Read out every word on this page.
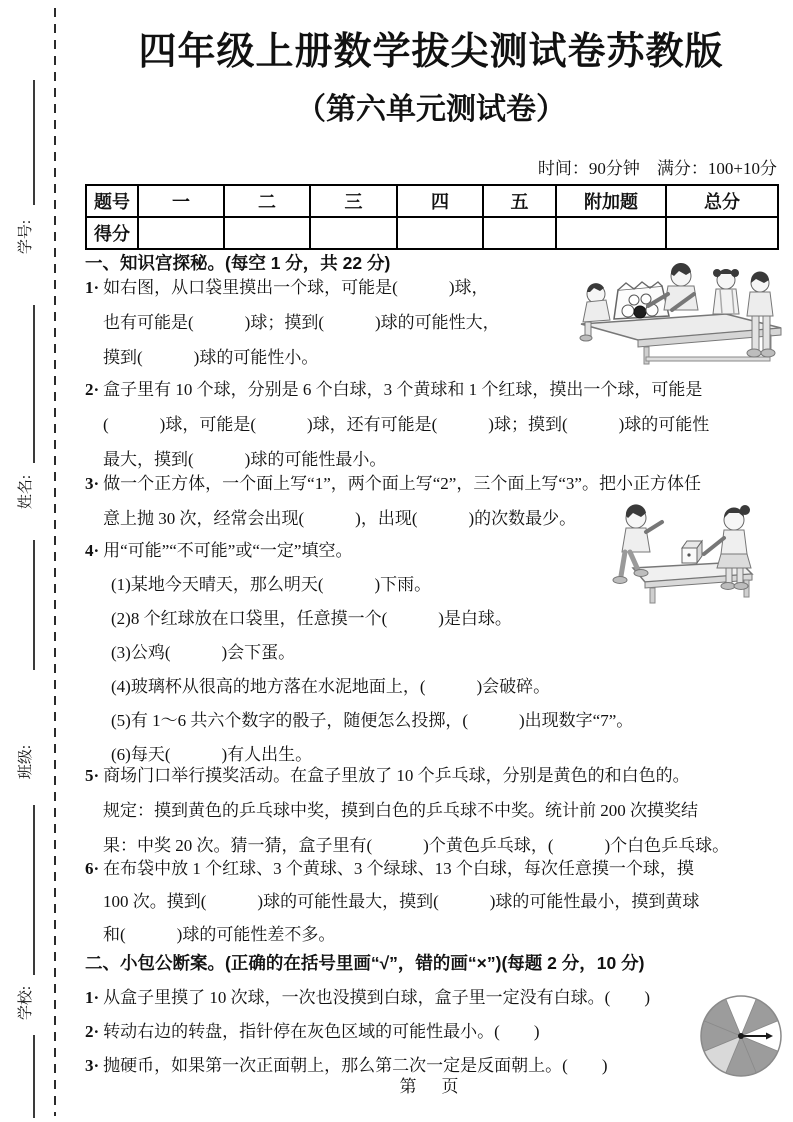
学号:
姓名:
班级:
学校:
四年级上册数学拔尖测试卷苏教版
（第六单元测试卷）
时间：90分钟　满分：100+10分
题号	一	二	三	四	五	附加题	总分
得分							
一、知识宫探秘。(每空 1 分，共 22 分)
1· 如右图，从口袋里摸出一个球，可能是(　　　)球，
也有可能是(　　　)球；摸到(　　　)球的可能性大，
摸到(　　　)球的可能性小。
2· 盒子里有 10 个球，分别是 6 个白球，3 个黄球和 1 个红球，摸出一个球，可能是
(　　　)球，可能是(　　　)球，还有可能是(　　　)球；摸到(　　　)球的可能性
最大，摸到(　　　)球的可能性最小。
3· 做一个正方体，一个面上写“1”，两个面上写“2”，三个面上写“3”。把小正方体任
意上抛 30 次，经常会出现(　　　)，出现(　　　)的次数最少。
4· 用“可能”“不可能”或“一定”填空。
(1)某地今天晴天，那么明天(　　　)下雨。
(2)8 个红球放在口袋里，任意摸一个(　　　)是白球。
(3)公鸡(　　　)会下蛋。
(4)玻璃杯从很高的地方落在水泥地面上，(　　　)会破碎。
(5)有 1～6 共六个数字的骰子，随便怎么投掷，(　　　)出现数字“7”。
(6)每天(　　　)有人出生。
5· 商场门口举行摸奖活动。在盒子里放了 10 个乒乓球，分别是黄色的和白色的。
规定：摸到黄色的乒乓球中奖，摸到白色的乒乓球不中奖。统计前 200 次摸奖结
果：中奖 20 次。猜一猜，盒子里有(　　　)个黄色乒乓球，(　　　)个白色乒乓球。
6· 在布袋中放 1 个红球、3 个黄球、3 个绿球、13 个白球，每次任意摸一个球，摸
100 次。摸到(　　　)球的可能性最大，摸到(　　　)球的可能性最小，摸到黄球
和(　　　)球的可能性差不多。
二、小包公断案。(正确的在括号里画“√”，错的画“×”)(每题 2 分，10 分)
1· 从盒子里摸了 10 次球，一次也没摸到白球，盒子里一定没有白球。(　　)
2· 转动右边的转盘，指针停在灰色区域的可能性最小。(　　)
3· 抛硬币，如果第一次正面朝上，那么第二次一定是反面朝上。(　　)
第　页
